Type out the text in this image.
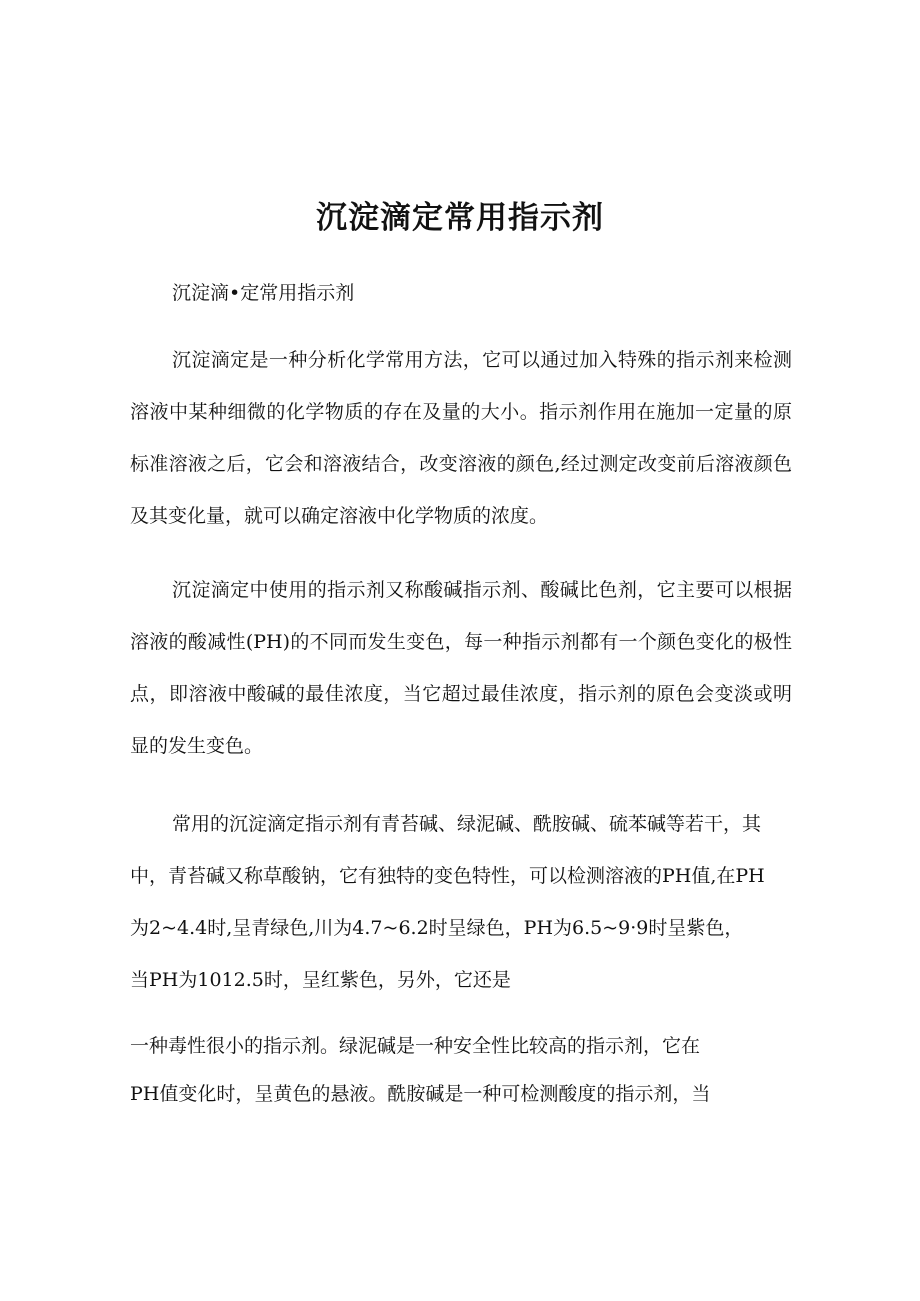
沉淀滴定常用指示剂

沉淀滴•定常用指示剂

沉淀滴定是一种分析化学常用方法，它可以通过加入特殊的指示剂来检测溶液中某种细微的化学物质的存在及量的大小。指示剂作用在施加一定量的原标准溶液之后，它会和溶液结合，改变溶液的颜色,经过测定改变前后溶液颜色及其变化量，就可以确定溶液中化学物质的浓度。

沉淀滴定中使用的指示剂又称酸碱指示剂、酸碱比色剂，它主要可以根据溶液的酸减性(PH)的不同而发生变色，每一种指示剂都有一个颜色变化的极性点，即溶液中酸碱的最佳浓度，当它超过最佳浓度，指示剂的原色会变淡或明显的发生变色。

常用的沉淀滴定指示剂有青苔碱、绿泥碱、酰胺碱、硫苯碱等若干，其
中，青苔碱又称草酸钠，它有独特的变色特性，可以检测溶液的PH值,在PH
为2~4.4时,呈青绿色,川为4.7~6.2时呈绿色，PH为6.5~9·9时呈紫色，
当PH为1012.5时，呈红紫色，另外，它还是

一种毒性很小的指示剂。绿泥碱是一种安全性比较高的指示剂，它在
PH值变化时，呈黄色的悬液。酰胺碱是一种可检测酸度的指示剂，当
